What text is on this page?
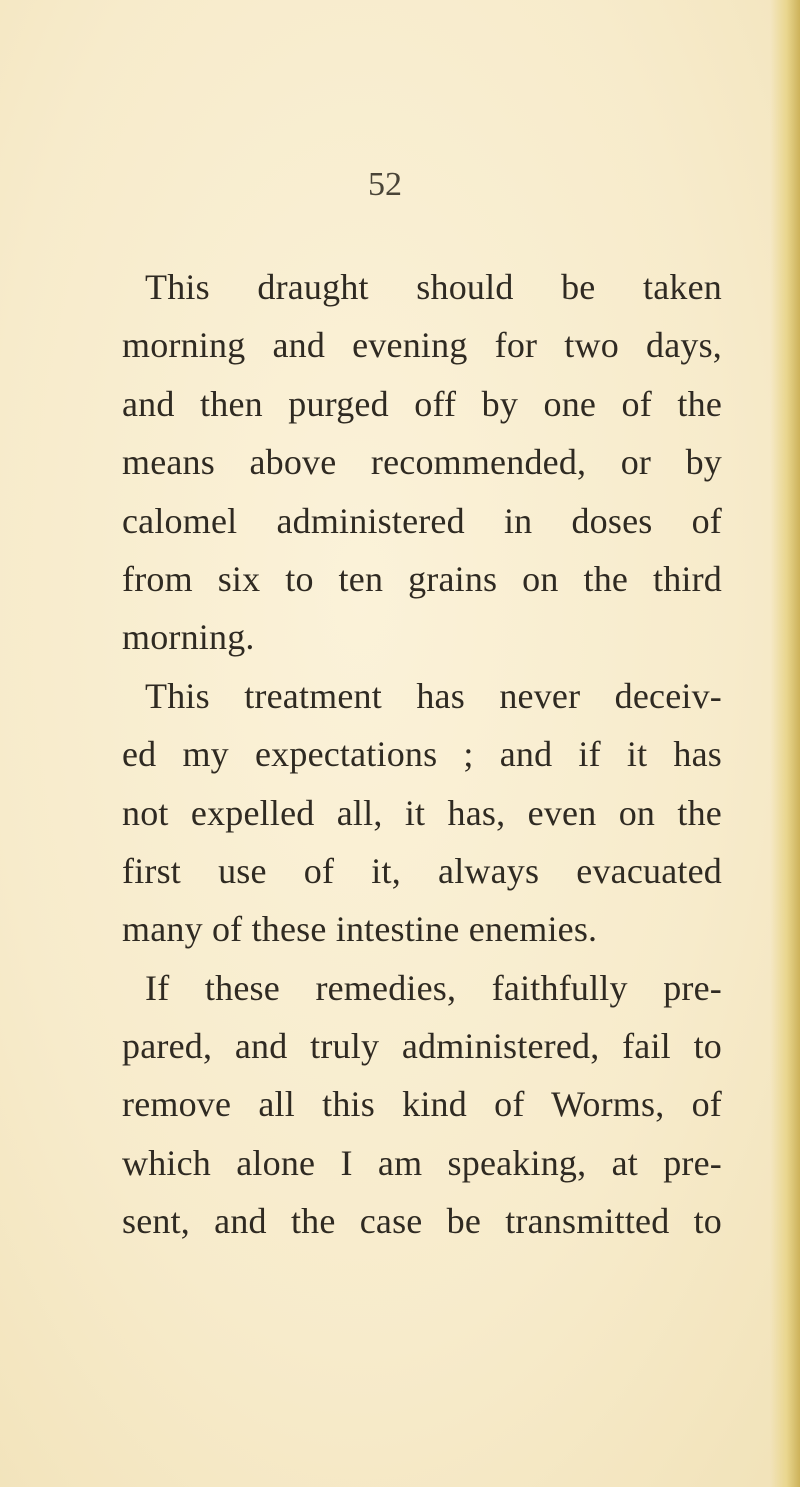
52
This draught should be taken
morning and evening for two days,
and then purged off by one of the
means above recommended, or by
calomel administered in doses of
from six to ten grains on the third
morning.
This treatment has never deceiv-
ed my expectations ; and if it has
not expelled all, it has, even on the
first use of it, always evacuated
many of these intestine enemies.
If these remedies, faithfully pre-
pared, and truly administered, fail to
remove all this kind of Worms, of
which alone I am speaking, at pre-
sent, and the case be transmitted to
